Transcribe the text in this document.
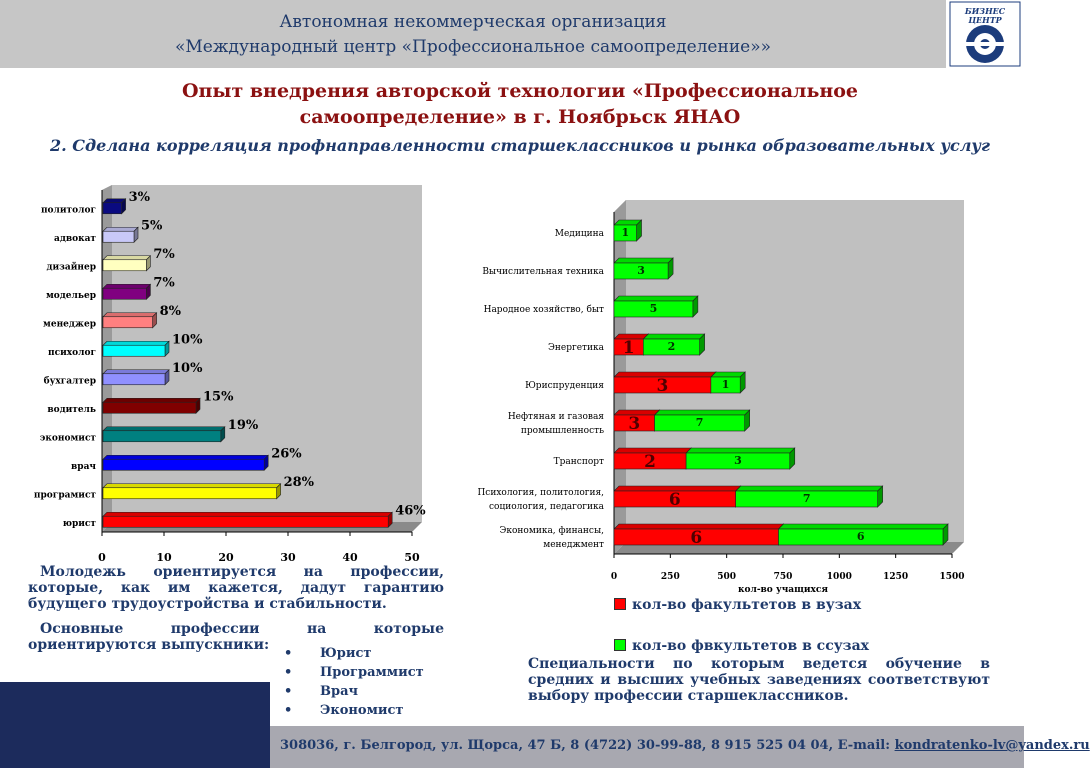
Автономная некоммерческая организация
«Международный центр «Профессиональное самоопределение»»
БИЗНЕС
ЦЕНТР
Опыт внедрения авторской технологии «Профессиональное
самоопределение» в г. Ноябрьск ЯНАО
2. Сделана корреляция профнаправленности старшеклассников и рынка образовательных услуг
политолог
3%
адвокат
5%
дизайнер
7%
модельер
7%
менеджер
8%
психолог
10%
бухгалтер
10%
водитель
15%
экономист
19%
врач
26%
програмист
28%
юрист
46%
0	10	20	30	40	50
1
Медицина
3
Вычислительная техника
5
Народное хозяйство, быт
1	2
Энергетика
3	1
Юриспруденция
3	7
Нефтяная и газовая
промышленность
2	3
Транспорт
6	7
Психология, политология,
социология, педагогика
6	6
Экономика, финансы,
менеджмент
0	250	500	750	1000	1250	1500
кол-во учащихся
кол-во факультетов в вузах
кол-во фвкультетов в ссузах
Молодежь ориентируется на профессии, которые, как им кажется, дадут гарантию будущего трудоустройства и стабильности.
Основные профессии на которые ориентируются выпускники:
• Юрист
• Программист
• Врач
• Экономист
Специальности по которым ведется обучение в средних и высших учебных заведениях соответствуют выбору профессии старшеклассников.
308036, г. Белгород, ул. Щорса, 47 Б, 8 (4722) 30-99-88, 8 915 525 04 04, E-mail: kondratenko-lv@yandex.ru
